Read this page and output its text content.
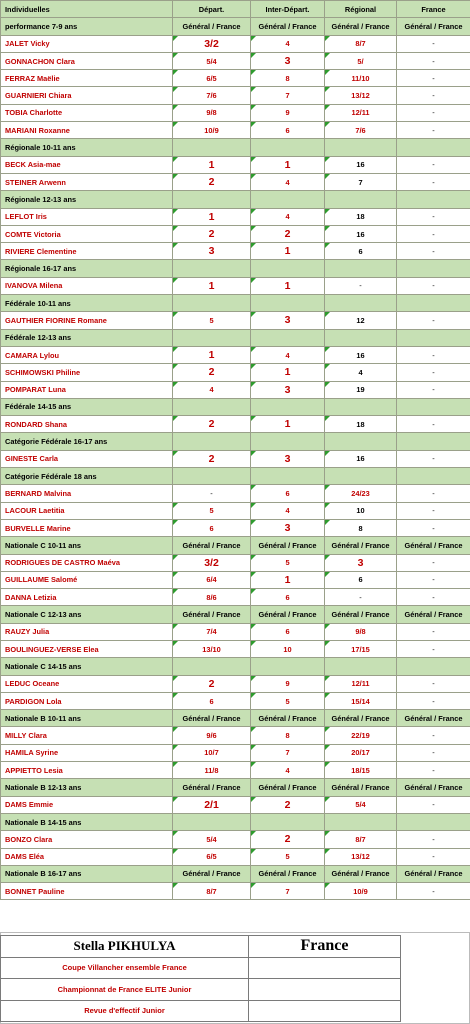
Individuelles	Départ.	Inter-Départ.	Régional	France
performance 7-9 ans	Général / France	Général / France	Général / France	Général / France
JALET Vicky	3/2	4	8/7	-
GONNACHON Clara	5/4	3	5/	-
FERRAZ Maëlie	6/5	8	11/10	-
GUARNIERI Chiara	7/6	7	13/12	-
TOBIA Charlotte	9/8	9	12/11	-
MARIANI Roxanne	10/9	6	7/6	-
Régionale 10-11 ans				
BECK Asia-mae	1	1	16	-
STEINER Arwenn	2	4	7	-
Régionale 12-13 ans				
LEFLOT Iris	1	4	18	-
COMTE Victoria	2	2	16	-
RIVIERE Clementine	3	1	6	-
Régionale 16-17 ans				
IVANOVA Milena	1	1	-	-
Fédérale 10-11 ans				
GAUTHIER FIORINE Romane	5	3	12	-
Fédérale 12-13 ans				
CAMARA Lylou	1	4	16	-
SCHIMOWSKI Philine	2	1	4	-
POMPARAT Luna	4	3	19	-
Fédérale 14-15 ans				
RONDARD Shana	2	1	18	-
Catégorie Fédérale 16-17 ans				
GINESTE Carla	2	3	16	-
Catégorie Fédérale 18 ans				
BERNARD Malvina	-	6	24/23	-
LACOUR Laetitia	5	4	10	-
BURVELLE Marine	6	3	8	-
Nationale C 10-11 ans	Général / France	Général / France	Général / France	Général / France
RODRIGUES DE CASTRO Maéva	3/2	5	3	-
GUILLAUME Salomé	6/4	1	6	-
DANNA Letizia	8/6	6	-	-
Nationale C 12-13 ans	Général / France	Général / France	Général / France	Général / France
RAUZY Julia	7/4	6	9/8	-
BOULINGUEZ-VERSE Elea	13/10	10	17/15	-
Nationale C 14-15 ans				
LEDUC Oceane	2	9	12/11	-
PARDIGON Lola	6	5	15/14	-
Nationale B 10-11 ans	Général / France	Général / France	Général / France	Général / France
MILLY Clara	9/6	8	22/19	-
HAMILA Syrine	10/7	7	20/17	-
APPIETTO Lesia	11/8	4	18/15	-
Nationale B 12-13 ans	Général / France	Général / France	Général / France	Général / France
DAMS Emmie	2/1	2	5/4	-
Nationale B 14-15 ans				
BONZO Clara	5/4	2	8/7	-
DAMS Eléa	6/5	5	13/12	-
Nationale B 16-17 ans	Général / France	Général / France	Général / France	Général / France
BONNET Pauline	8/7	7	10/9	-
Stella PIKHULYA	France
Coupe Villancher ensemble France	
Championnat de France ELITE Junior	
Revue d'effectif Junior	
